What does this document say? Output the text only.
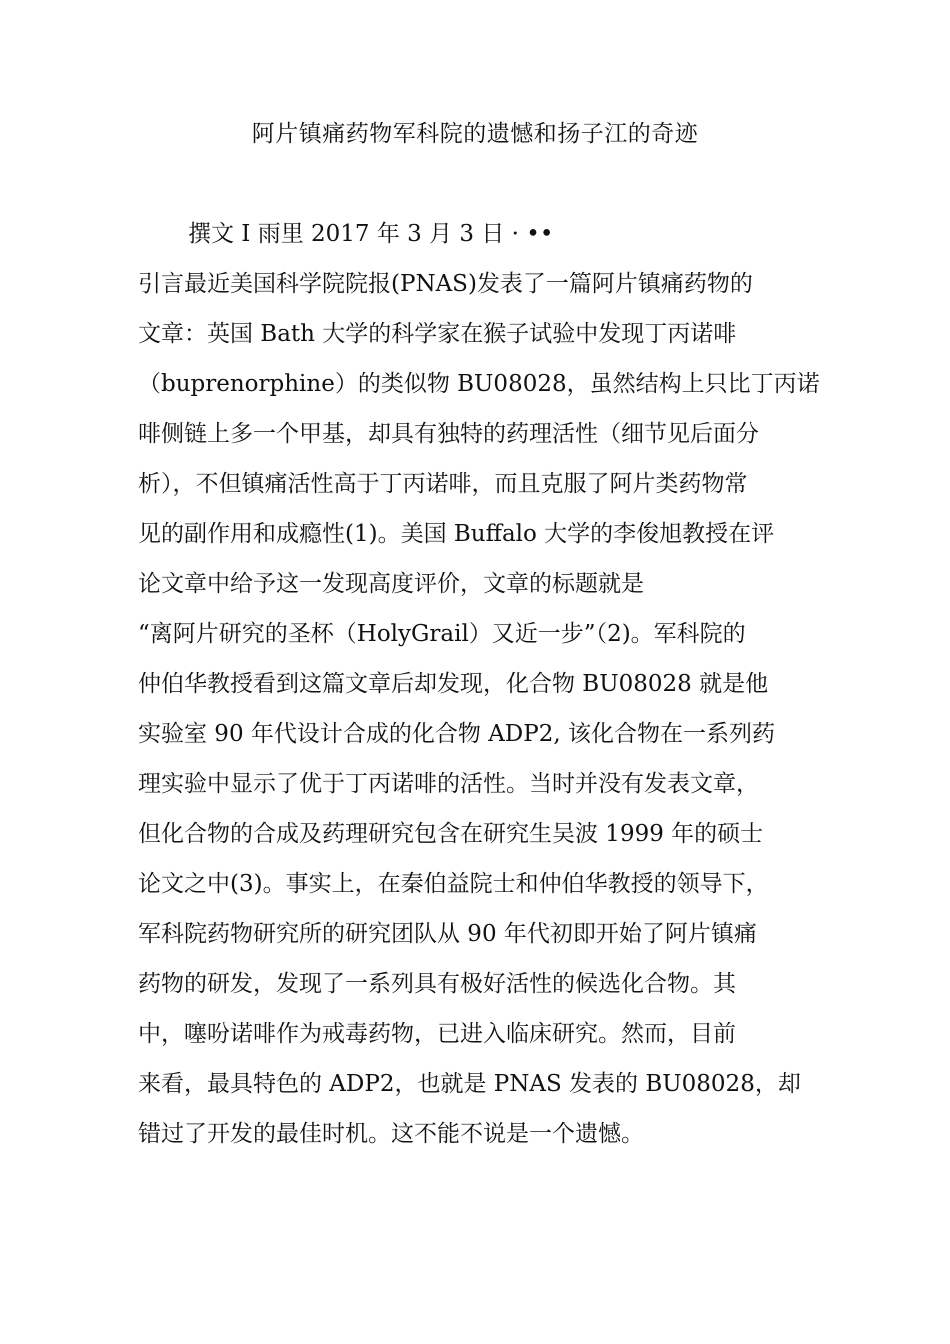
阿片镇痛药物军科院的遗憾和扬子江的奇迹
撰文 I 雨里 2017 年 3 月 3 日 · ••
引言最近美国科学院院报(PNAS)发表了一篇阿片镇痛药物的
文章：英国 Bath 大学的科学家在猴子试验中发现丁丙诺啡
（buprenorphine）的类似物 BU08028，虽然结构上只比丁丙诺
啡侧链上多一个甲基，却具有独特的药理活性（细节见后面分
析），不但镇痛活性高于丁丙诺啡，而且克服了阿片类药物常
见的副作用和成瘾性(1)。美国 Buffalo 大学的李俊旭教授在评
论文章中给予这一发现高度评价，文章的标题就是
“离阿片研究的圣杯（HolyGrail）又近一步”（2)。军科院的
仲伯华教授看到这篇文章后却发现，化合物 BU08028 就是他
实验室 90 年代设计合成的化合物 ADP2, 该化合物在一系列药
理实验中显示了优于丁丙诺啡的活性。当时并没有发表文章，
但化合物的合成及药理研究包含在研究生吴波 1999 年的硕士
论文之中(3)。事实上，在秦伯益院士和仲伯华教授的领导下，
军科院药物研究所的研究团队从 90 年代初即开始了阿片镇痛
药物的研发，发现了一系列具有极好活性的候选化合物。其
中，噻吩诺啡作为戒毒药物，已进入临床研究。然而，目前
来看，最具特色的 ADP2，也就是 PNAS 发表的 BU08028，却
错过了开发的最佳时机。这不能不说是一个遗憾。
